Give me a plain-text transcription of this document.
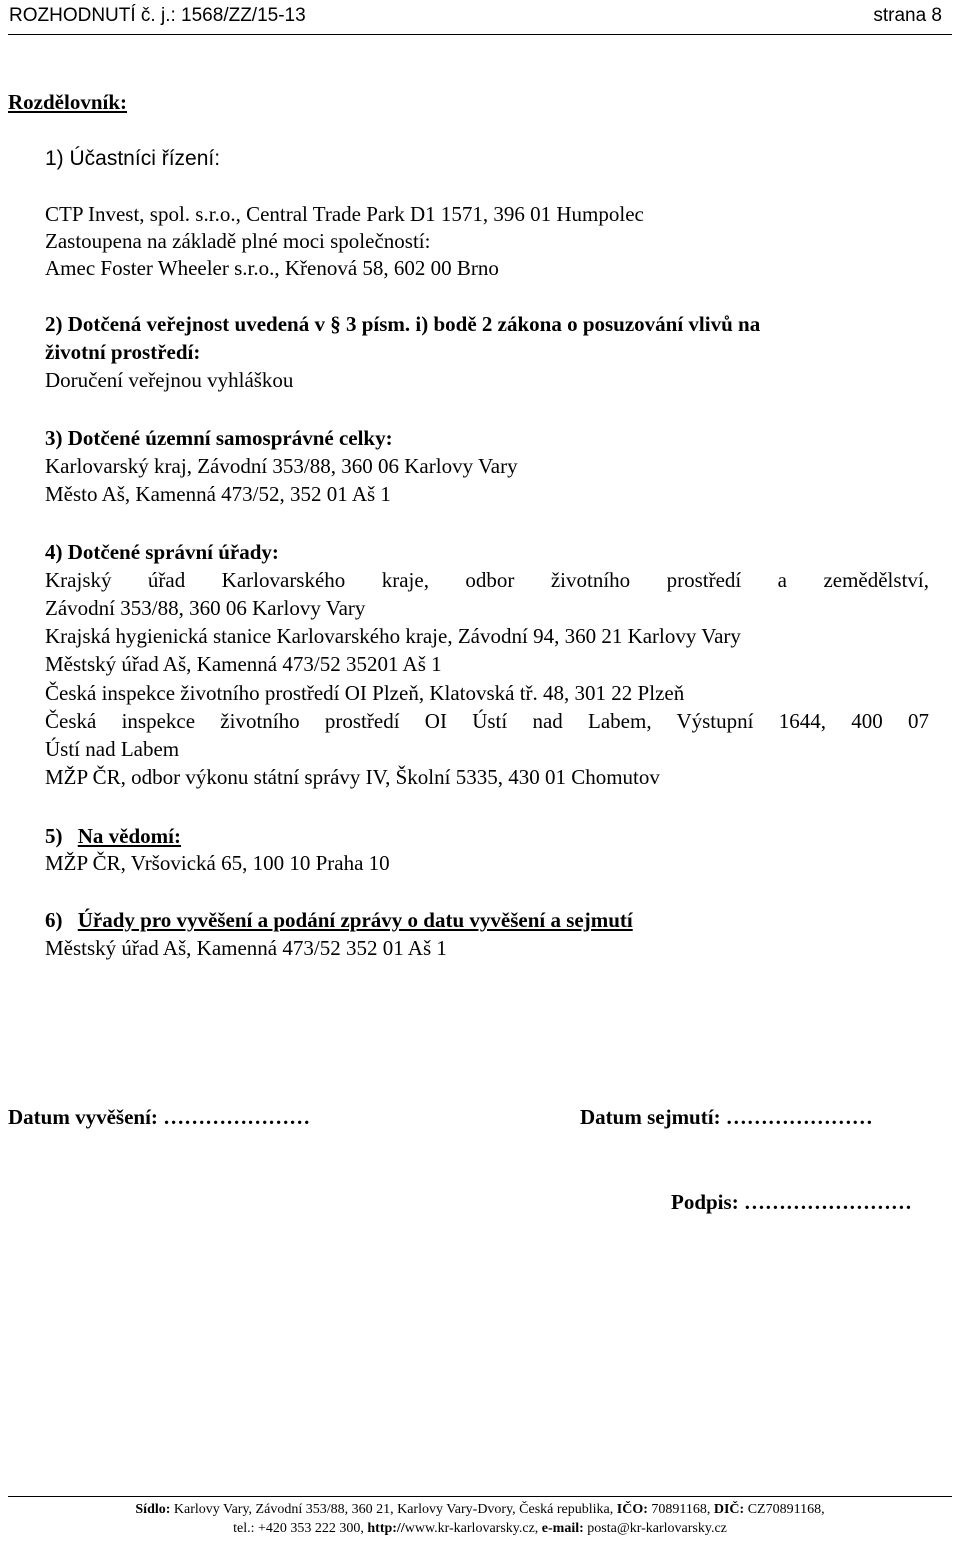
ROZHODNUTÍ č. j.: 1568/ZZ/15-13	strana 8
Rozdělovník:
1) Účastníci řízení:
CTP Invest, spol. s.r.o., Central Trade Park D1 1571, 396 01 Humpolec
Zastoupena na základě plné moci společností:
Amec Foster Wheeler s.r.o., Křenová 58, 602 00 Brno
2) Dotčená veřejnost uvedená v § 3 písm. i) bodě 2 zákona o posuzování vlivů na
životní prostředí:
Doručení veřejnou vyhláškou
3) Dotčené územní samosprávné celky:
Karlovarský kraj, Závodní 353/88, 360 06 Karlovy Vary
Město Aš, Kamenná 473/52, 352 01 Aš 1
4) Dotčené správní úřady:
Krajský úřad Karlovarského kraje, odbor životního prostředí a zemědělství,
Závodní 353/88, 360 06 Karlovy Vary
Krajská hygienická stanice Karlovarského kraje, Závodní 94, 360 21 Karlovy Vary
Městský úřad Aš, Kamenná 473/52 35201 Aš 1
Česká inspekce životního prostředí OI Plzeň, Klatovská tř. 48, 301 22 Plzeň
Česká inspekce životního prostředí OI Ústí nad Labem, Výstupní 1644, 400 07
Ústí nad Labem
MŽP ČR, odbor výkonu státní správy IV, Školní 5335, 430 01 Chomutov
5) Na vědomí:
MŽP ČR, Vršovická 65, 100 10 Praha 10
6) Úřady pro vyvěšení a podání zprávy o datu vyvěšení a sejmutí
Městský úřad Aš, Kamenná 473/52 352 01 Aš 1
Datum vyvěšení: …………………	Datum sejmutí: …………………
Podpis: ……………………
Sídlo: Karlovy Vary, Závodní 353/88, 360 21, Karlovy Vary-Dvory, Česká republika, IČO: 70891168, DIČ: CZ70891168,
tel.: +420 353 222 300, http://www.kr-karlovarsky.cz, e-mail: posta@kr-karlovarsky.cz
